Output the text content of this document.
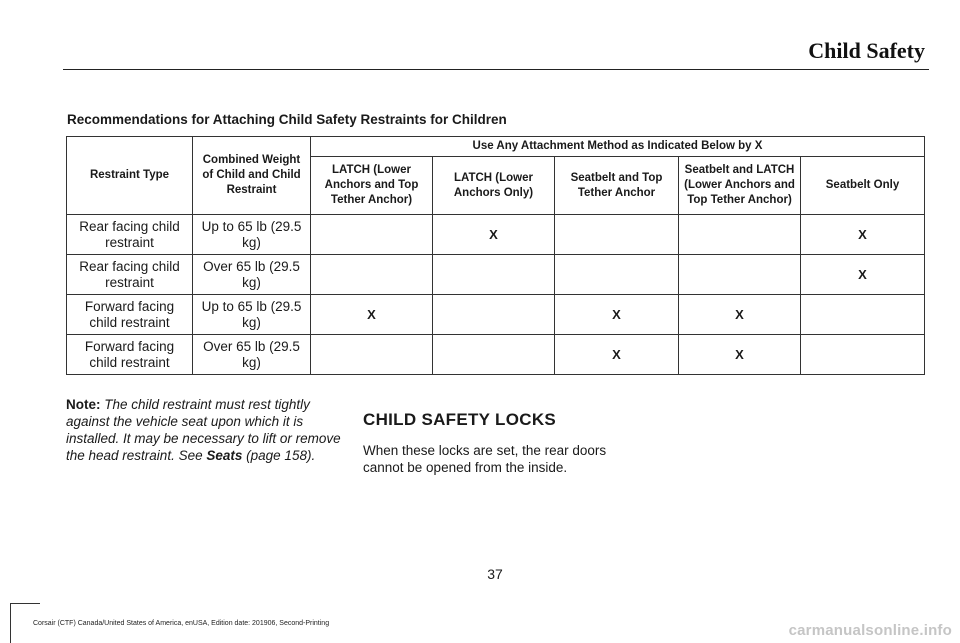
Child Safety
Recommendations for Attaching Child Safety Restraints for Children
Restraint Type	Combined Weight of Child and Child Restraint	Use Any Attachment Method as Indicated Below by X				
		LATCH (Lower Anchors and Top Tether Anchor)	LATCH (Lower Anchors Only)	Seatbelt and Top Tether Anchor	Seatbelt and LATCH (Lower Anchors and Top Tether Anchor)	Seatbelt Only
Rear facing child restraint	Up to 65 lb (29.5 kg)		X			X
Rear facing child restraint	Over 65 lb (29.5 kg)					X
Forward facing child restraint	Up to 65 lb (29.5 kg)	X		X	X	
Forward facing child restraint	Over 65 lb (29.5 kg)			X	X	
Note: The child restraint must rest tightly against the vehicle seat upon which it is installed. It may be necessary to lift or remove the head restraint. See Seats (page 158).
CHILD SAFETY LOCKS
When these locks are set, the rear doors cannot be opened from the inside.
37
Corsair (CTF) Canada/United States of America, enUSA, Edition date: 201906, Second-Printing	carmanualsonline.info
